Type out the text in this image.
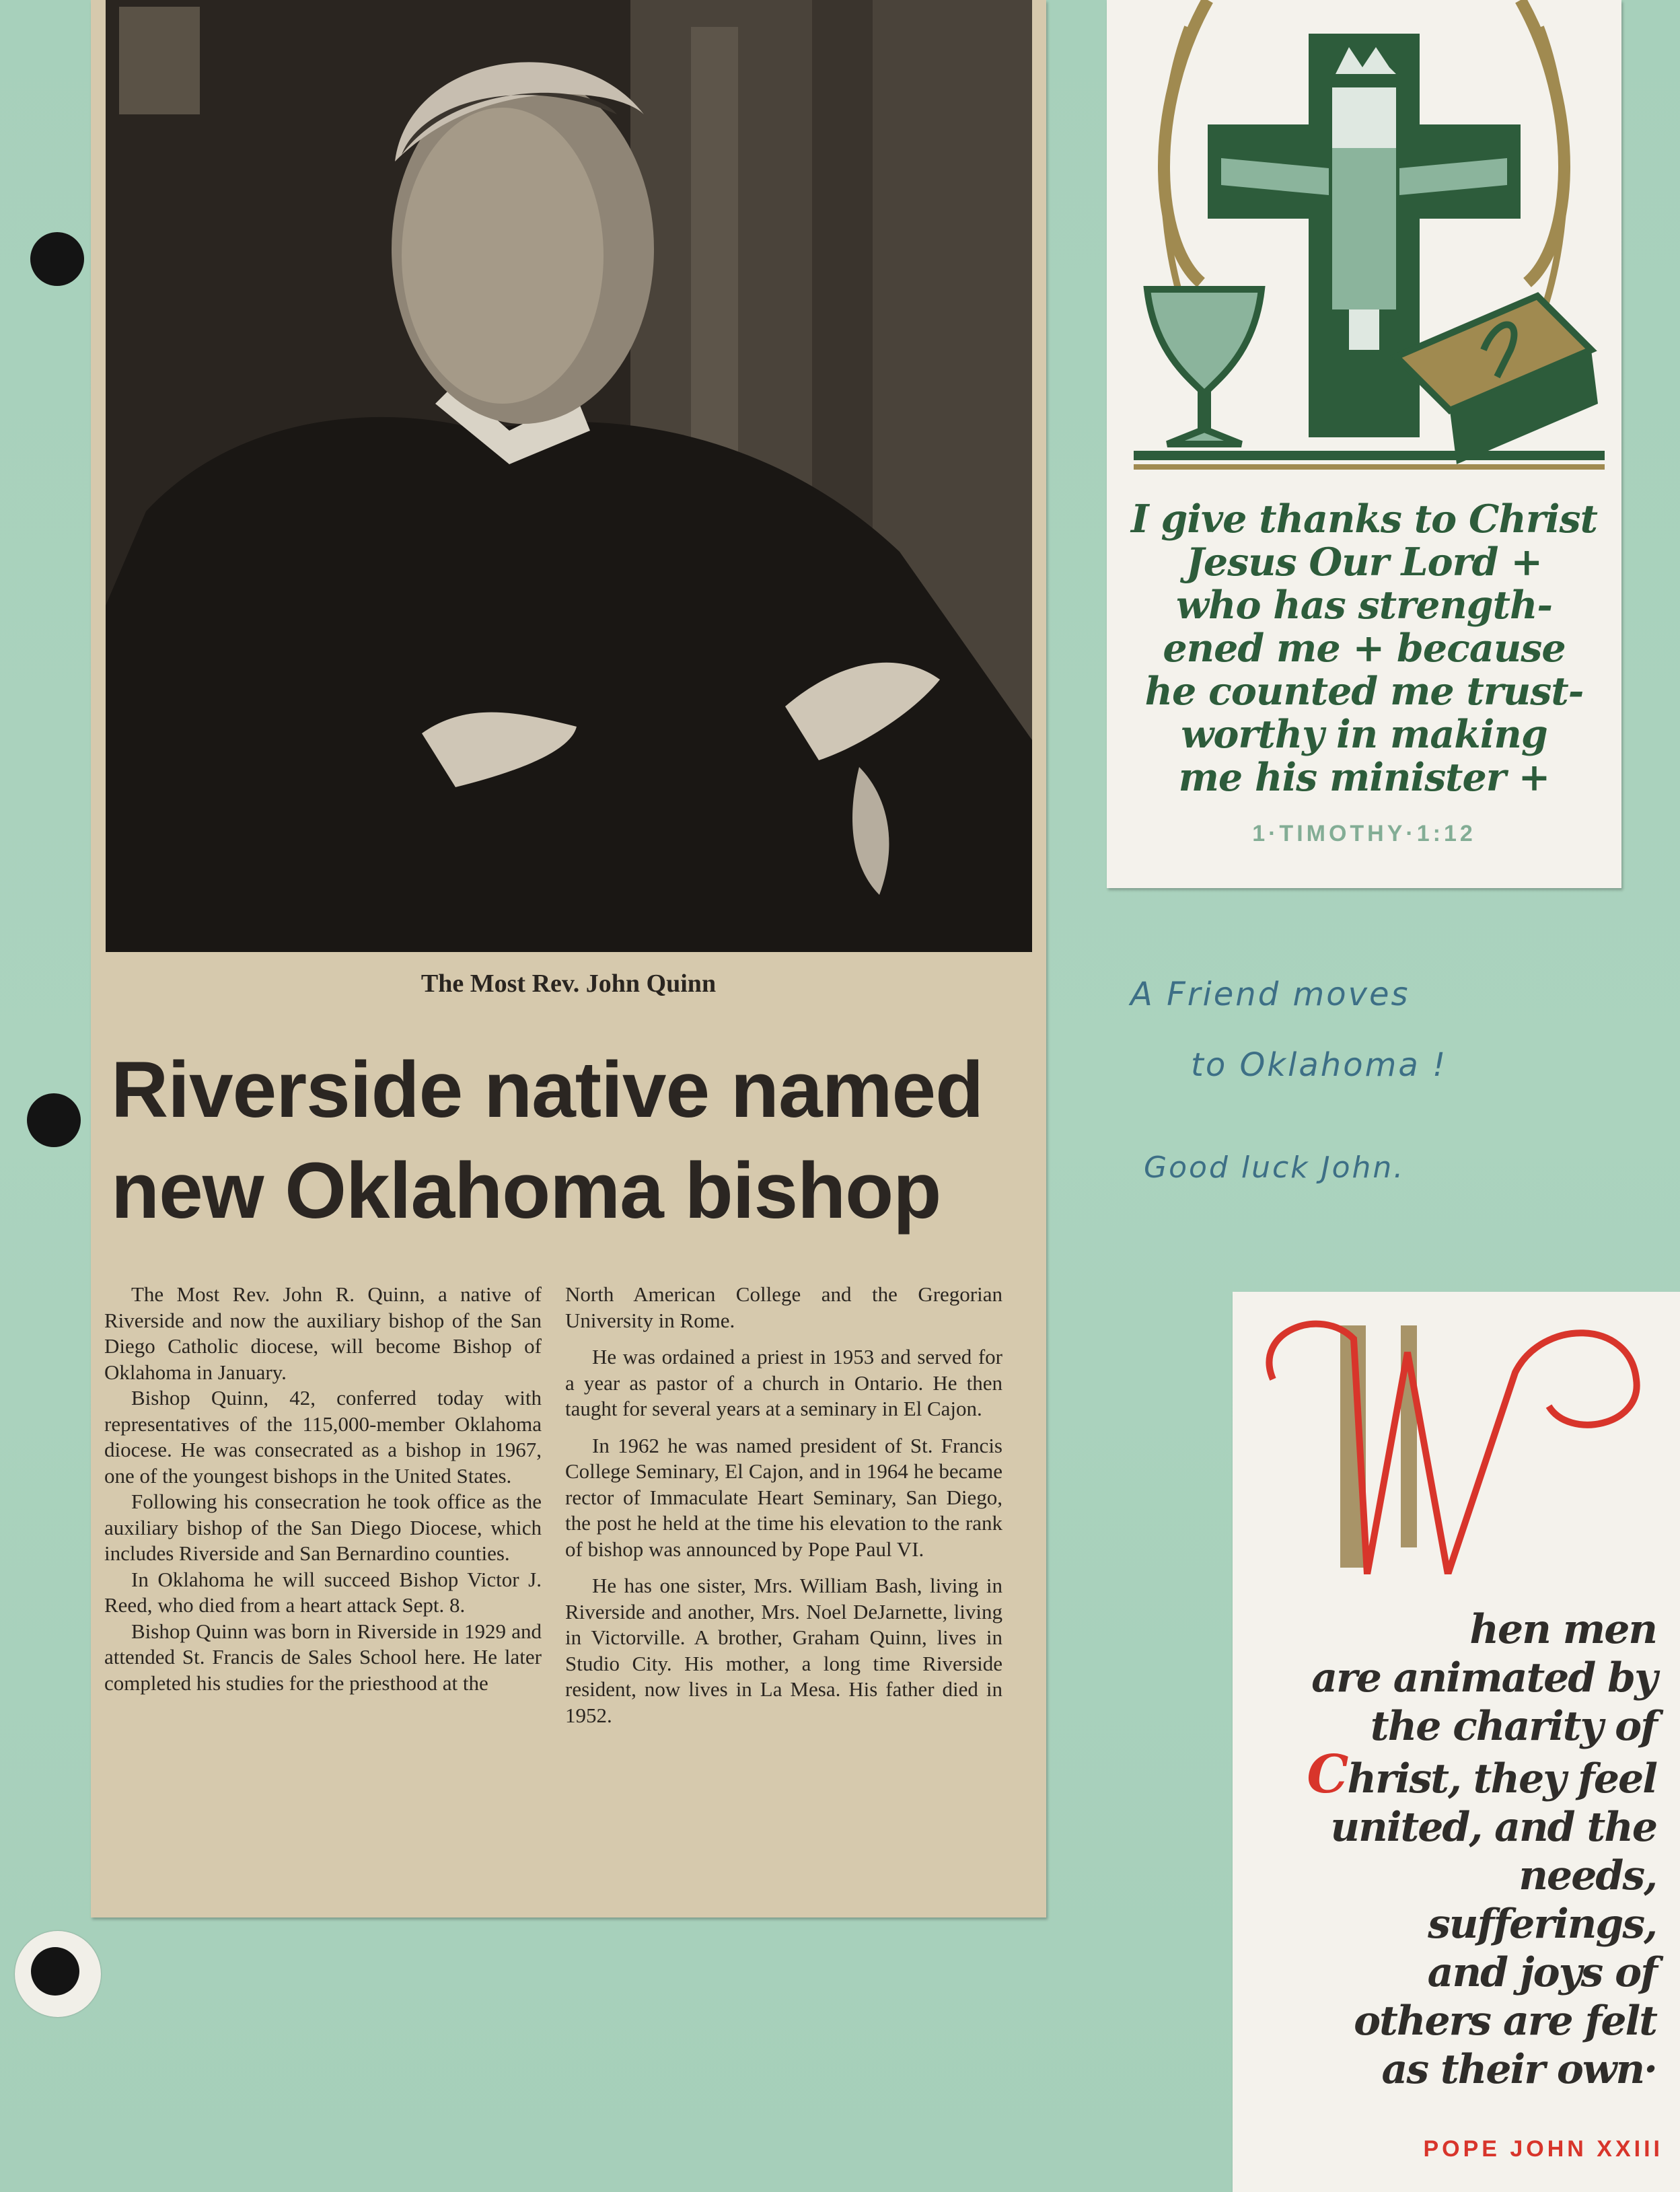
The Most Rev. John Quinn
Riverside native named
new Oklahoma bishop

The Most Rev. John R. Quinn, a native of Riverside and now the auxiliary bishop of the San Diego Catholic diocese, will become Bishop of Oklahoma in January.

Bishop Quinn, 42, conferred today with representatives of the 115,000-member Oklahoma diocese. He was consecrated as a bishop in 1967, one of the youngest bishops in the United States.

Following his consecration he took office as the auxiliary bishop of the San Diego Diocese, which includes Riverside and San Bernardino counties.

In Oklahoma he will succeed Bishop Victor J. Reed, who died from a heart attack Sept. 8.

Bishop Quinn was born in Riverside in 1929 and attended St. Francis de Sales School here. He later completed his studies for the priesthood at the

North American College and the Gregorian University in Rome.

He was ordained a priest in 1953 and served for a year as pastor of a church in Ontario. He then taught for several years at a seminary in El Cajon.

In 1962 he was named president of St. Francis College Seminary, El Cajon, and in 1964 he became rector of Immaculate Heart Seminary, San Diego, the post he held at the time his elevation to the rank of bishop was announced by Pope Paul VI.

He has one sister, Mrs. William Bash, living in Riverside and another, Mrs. Noel DeJarnette, living in Victorville. A brother, Graham Quinn, lives in Studio City. His mother, a long time Riverside resident, now lives in La Mesa. His father died in 1952.

I give thanks to Christ
Jesus Our Lord +
who has strength-
ened me + because
he counted me trust-
worthy in making
me his minister +
1·TIMOTHY·1:12
A Friend moves
to Oklahoma !
Good luck John.
hen men
are animated by
the charity of
Christ, they feel
united, and the
needs, sufferings,
and joys of
others are felt
as their own·
POPE JOHN XXIII
